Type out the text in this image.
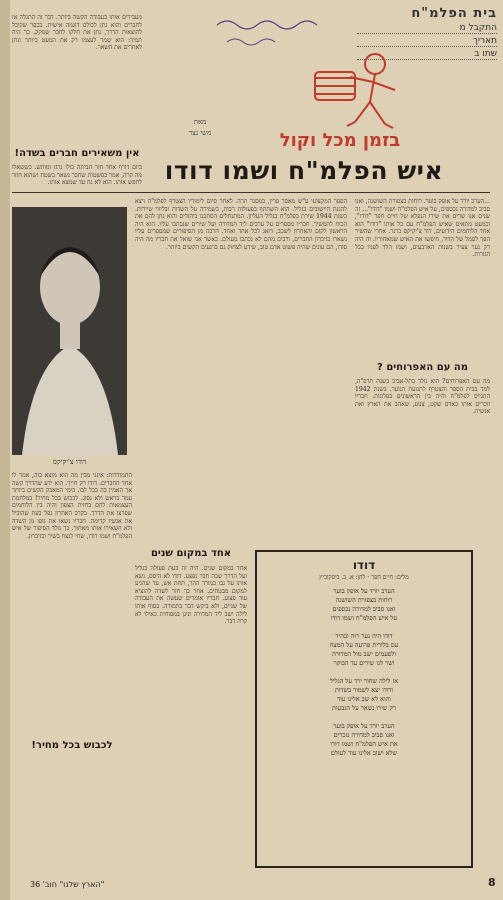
בית הפלמ"ח
התקבל מ
תאריך
שתו ב
בזמן מכל וקול
מאת
משי נצר
איש הפלמ"ח ושמו דודו
...הערב יורד על אופק בוער. רוחות בצפורת השושנה, ואנו סביב למדורה נכספים, על איש הפלמ"ח ושמו "דודו"... זה שנים אנו שרים את שירו הנפלא של חיים חפר "דודו", וכמעט מתאים שאיש הפלמ"ח עם כל אותו "דודו" הוא אחד הלוחמים הידועים, דוד צ'יקיקס ברנר. אחרי שהשיר הפך לסמל של הדור, חיפשו את האיש שמאחוריו. זה היה רק נער צעיר בשנות הארבעים, ושמו הלך לפניו בכל הגזרות.
מה עם האפרוחים ?
מה עם האפרוחים? הוא נולד בתל-אביב בשנת תרפ"ה, למד בבית הספר והצטרף לתנועת הנוער. בשנת 1942 התגייס לפלמ"ח והיה בין הראשונים בפלוגות. חבריו זוכרים אותו כאדם שקט, צנוע, שאהב את הארץ ואת אנשיה.
הספר המקצועי ע"ש מאסר פרין, במסגר תרה. לאחר סיום לימודיו הצטרף לפלמ"ח ויצא להגנת היישובים בגליל. הוא השתתף בפעולות רבות, בשמירה על השדות ובליווי שיירות. בשנת 1944 שירת בפלמ"ח בגליל העליון. המתנחלים הסתכנו ביהודים והוא נתן להם את הכוח להמשיך. חבריו מספרים על ערבים ליד המדורה ועל שירים שנכתבו עליו. הוא היה הראשון לקום והאחרון לשכב, דואג לכל אחד ואחד. הרבה מן הסיפורים שמספרים עליו נשארו בזיכרון החברים, ורבים מהם לא נכתבו מעולם. כאשר אני שואל את חבריו מה היה סודו, הם עונים שהיה פשוט אדם טוב, שידע לצחוק גם ברגעים הקשים ביותר.
אחד במקום שנים
אחד במקום שנים. היה זה בעת פעולה בגליל ועל הדרך שבה חבר נפצע. דודו לא היסס, נשא אותו על גבו במורד ההר, תחת אש, עד שהגיע למקום מבטחים. אחר כך חזר לשדה להוציא עוד פצוע. חבריו אומרים שעשה את העבודה של שניים, ולא ביקש דבר בתמורה. בסוף אותו לילה ישב ליד המדורה וניגן במפוחית כאילו לא קרה דבר.
מעבירים אותו בעבודה הקשה ביותר. דבר זה התגלה אז לחברים והוא נתן לכולם דוגמה אישית. בכפר שקיבל להוצאות הדרך, נתן את חלקו לחבר שנזקק. כך היה תמיד: הוא שמר לעצמו רק את המעט ביותר ונתן לאחרים את השאר.
אין משאירים חברים בשדה!
ביום דורף אחד חזר הביתה כולו נרגז ומותש. כששאלו מה קרה, אמר בפשטות שחבר נשאר בשטח ושהוא חוזר לחפש אותו. הוא לא נח עד שמצא אותו.
דודו צ'יקיקס
התמודדות: אינני מבין מה הוא מוצא בזה, אמר לו אחד החברים. דודו רק חייך. הוא ידע שהדרך קשה אך האמין בה בכל לבו. בימי המאבק הקשים ביותר עמד בראש ולא נסוג. לכבוש בכל מחיר! במלחמת העצמאות לחם בחזית הצפון והיה בין הלוחמים שפרצו את הדרך. בקרב האחרון נפל בעת שהוביל את אנשיו קדימה. חבריו נשאו את גופו מן השדה ולא השאירו אותו מאחור. כך נולד הסיפור של איש הפלמ"ח ושמו דודו, שחי לנצח בשיר ובזיכרון.
לכבוש בכל מחיר!
דודו
מלים: חיים חפר · לחן: א. ב. ביסקוביץ
הערב יורד על אופק בוער
רוחות בצפורת השושנה
ואנו סביב למדורה נכספים
על איש הפלמ"ח ושמו דודו

דודו היה נער רזה ובהיר
עם בלורית פרועה על המצח
ולפעמים ישב מול המדורה
ושר לנו שירים עד הבוקר

אז לילה שחור ירד על הגליל
ודודו יצא לשמור בשדות
והוא לא שב אלינו עוד
רק שירו נשאר על הגבעות

הערב יורד על אופק בוער
ואנו סביב למדורה נזכרים
את איש הפלמ"ח ושמו דודו
שלא ישוב אלינו עוד לעולם
"הארץ שלנו" חוב' 36	8
